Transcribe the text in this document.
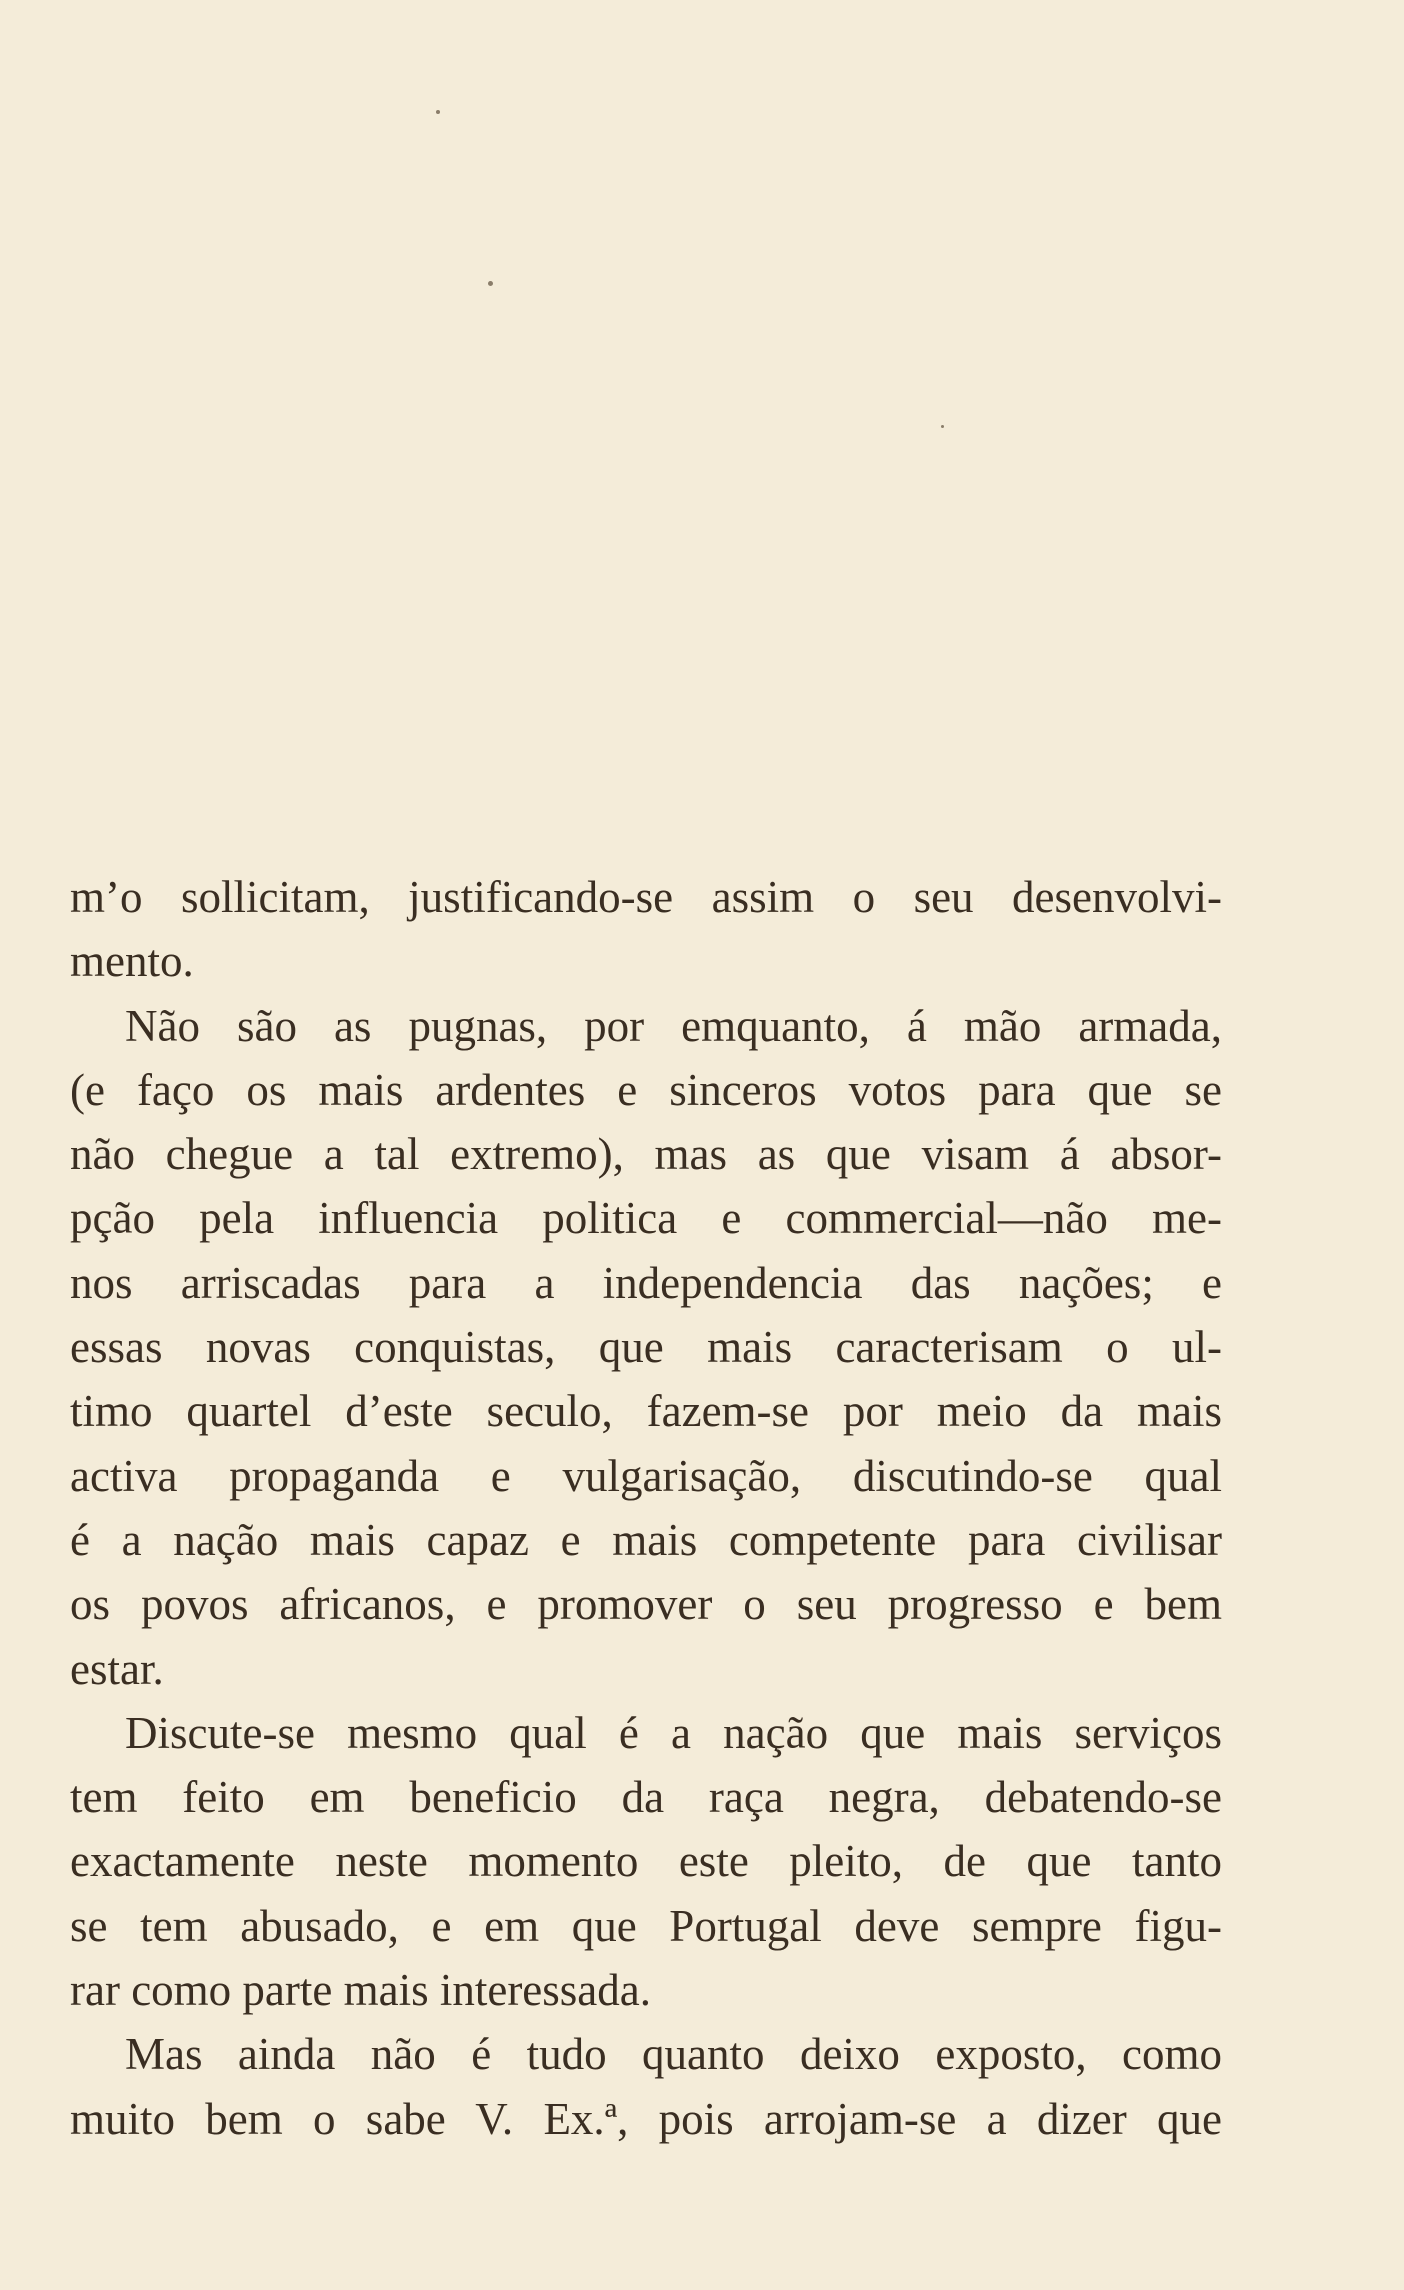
m’o sollicitam, justificando-se assim o seu desenvolvi-
mento.
Não são as pugnas, por emquanto, á mão armada,
(e faço os mais ardentes e sinceros votos para que se
não chegue a tal extremo), mas as que visam á absor-
pção pela influencia politica e commercial—não me-
nos arriscadas para a independencia das nações; e
essas novas conquistas, que mais caracterisam o ul-
timo quartel d’este seculo, fazem-se por meio da mais
activa propaganda e vulgarisação, discutindo-se qual
é a nação mais capaz e mais competente para civilisar
os povos africanos, e promover o seu progresso e bem
estar.
Discute-se mesmo qual é a nação que mais serviços
tem feito em beneficio da raça negra, debatendo-se
exactamente neste momento este pleito, de que tanto
se tem abusado, e em que Portugal deve sempre figu-
rar como parte mais interessada.
Mas ainda não é tudo quanto deixo exposto, como
muito bem o sabe V. Ex.ª, pois arrojam-se a dizer que
